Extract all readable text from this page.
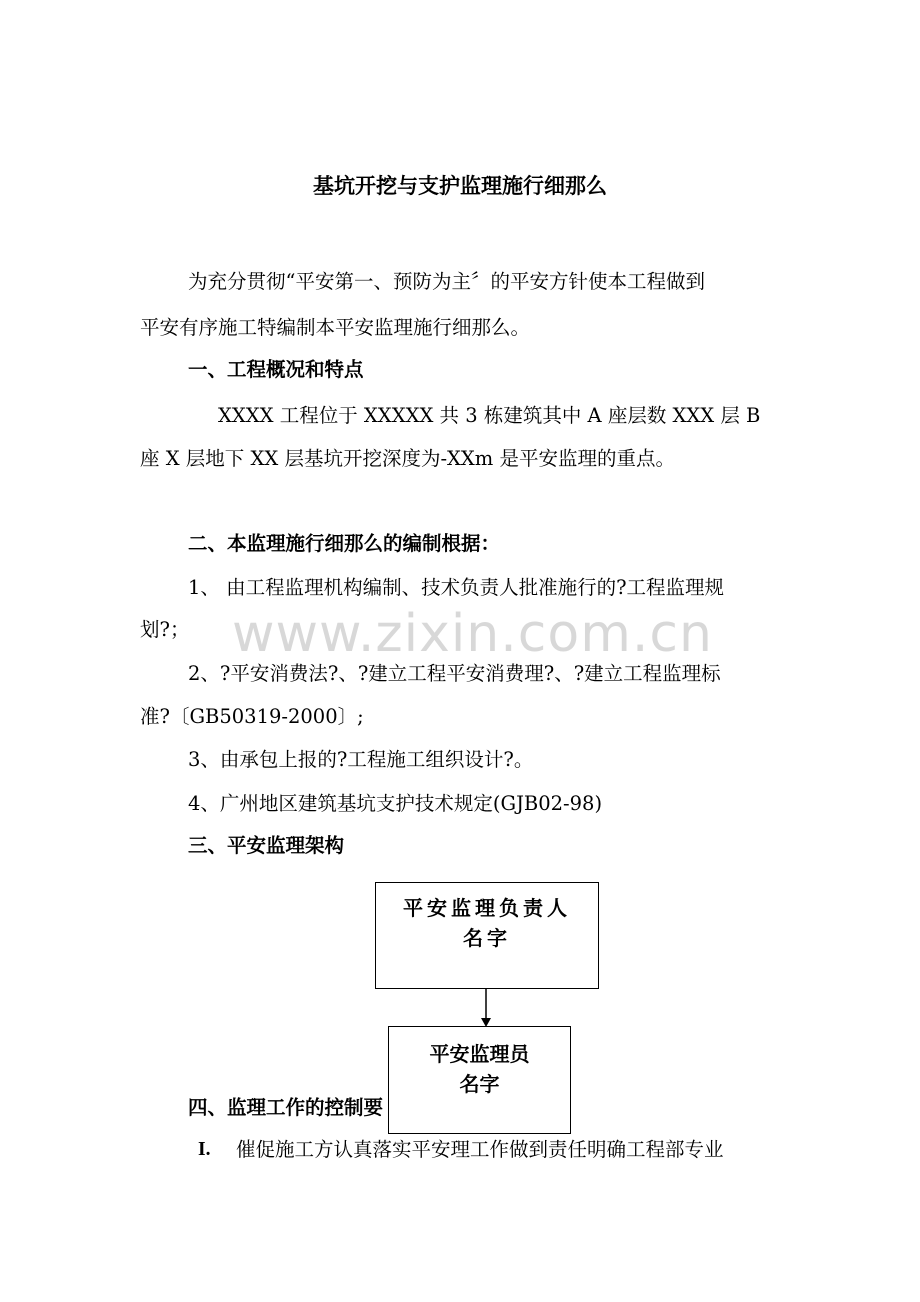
基坑开挖与支护监理施行细那么
为充分贯彻“平安第一、预防为主〞的平安方针使本工程做到
平安有序施工特编制本平安监理施行细那么。
一、工程概况和特点
XXXX 工程位于 XXXXX 共 3 栋建筑其中 A 座层数 XXX 层 B
座 X 层地下 XX 层基坑开挖深度为-XXm 是平安监理的重点。
二、本监理施行细那么的编制根据：
1、 由工程监理机构编制、技术负责人批准施行的?工程监理规
www.zixin.com.cn
划?；
2、?平安消费法?、?建立工程平安消费理?、?建立工程监理标
准?〔GB50319-2000〕;
3、由承包上报的?工程施工组织设计?。
4、广州地区建筑基坑支护技术规定(GJB02-98)
三、平安监理架构
平安监理负责人
名字
四、监理工作的控制要
平安监理员
名字
I. 催促施工方认真落实平安理工作做到责任明确工程部专业
